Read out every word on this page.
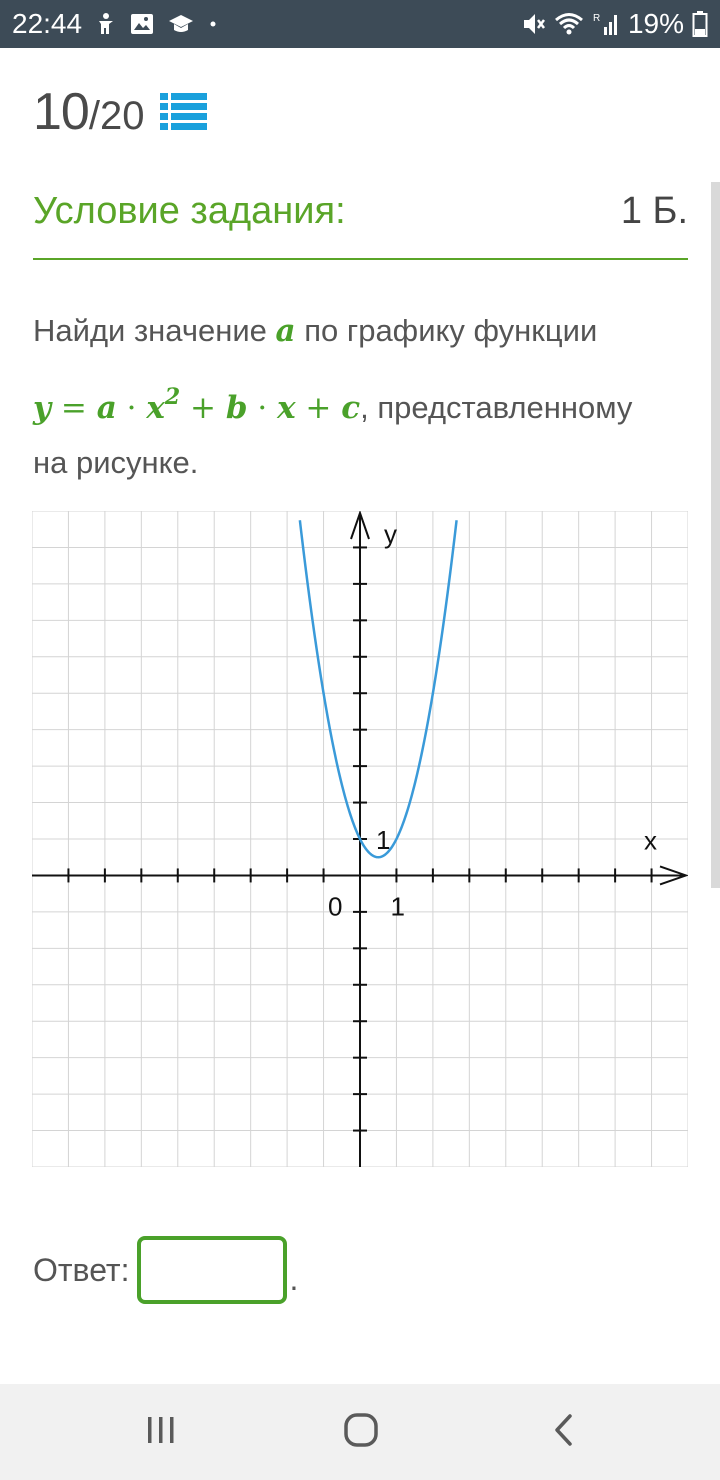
22:44	R 19%
10 /20
Условие задания:	1 Б.
Найди значение a по графику функции
$y = a \cdot x^2 + b \cdot x + c$, представленному
на рисунке.
y
x
0 1
1
Ответ:	.
